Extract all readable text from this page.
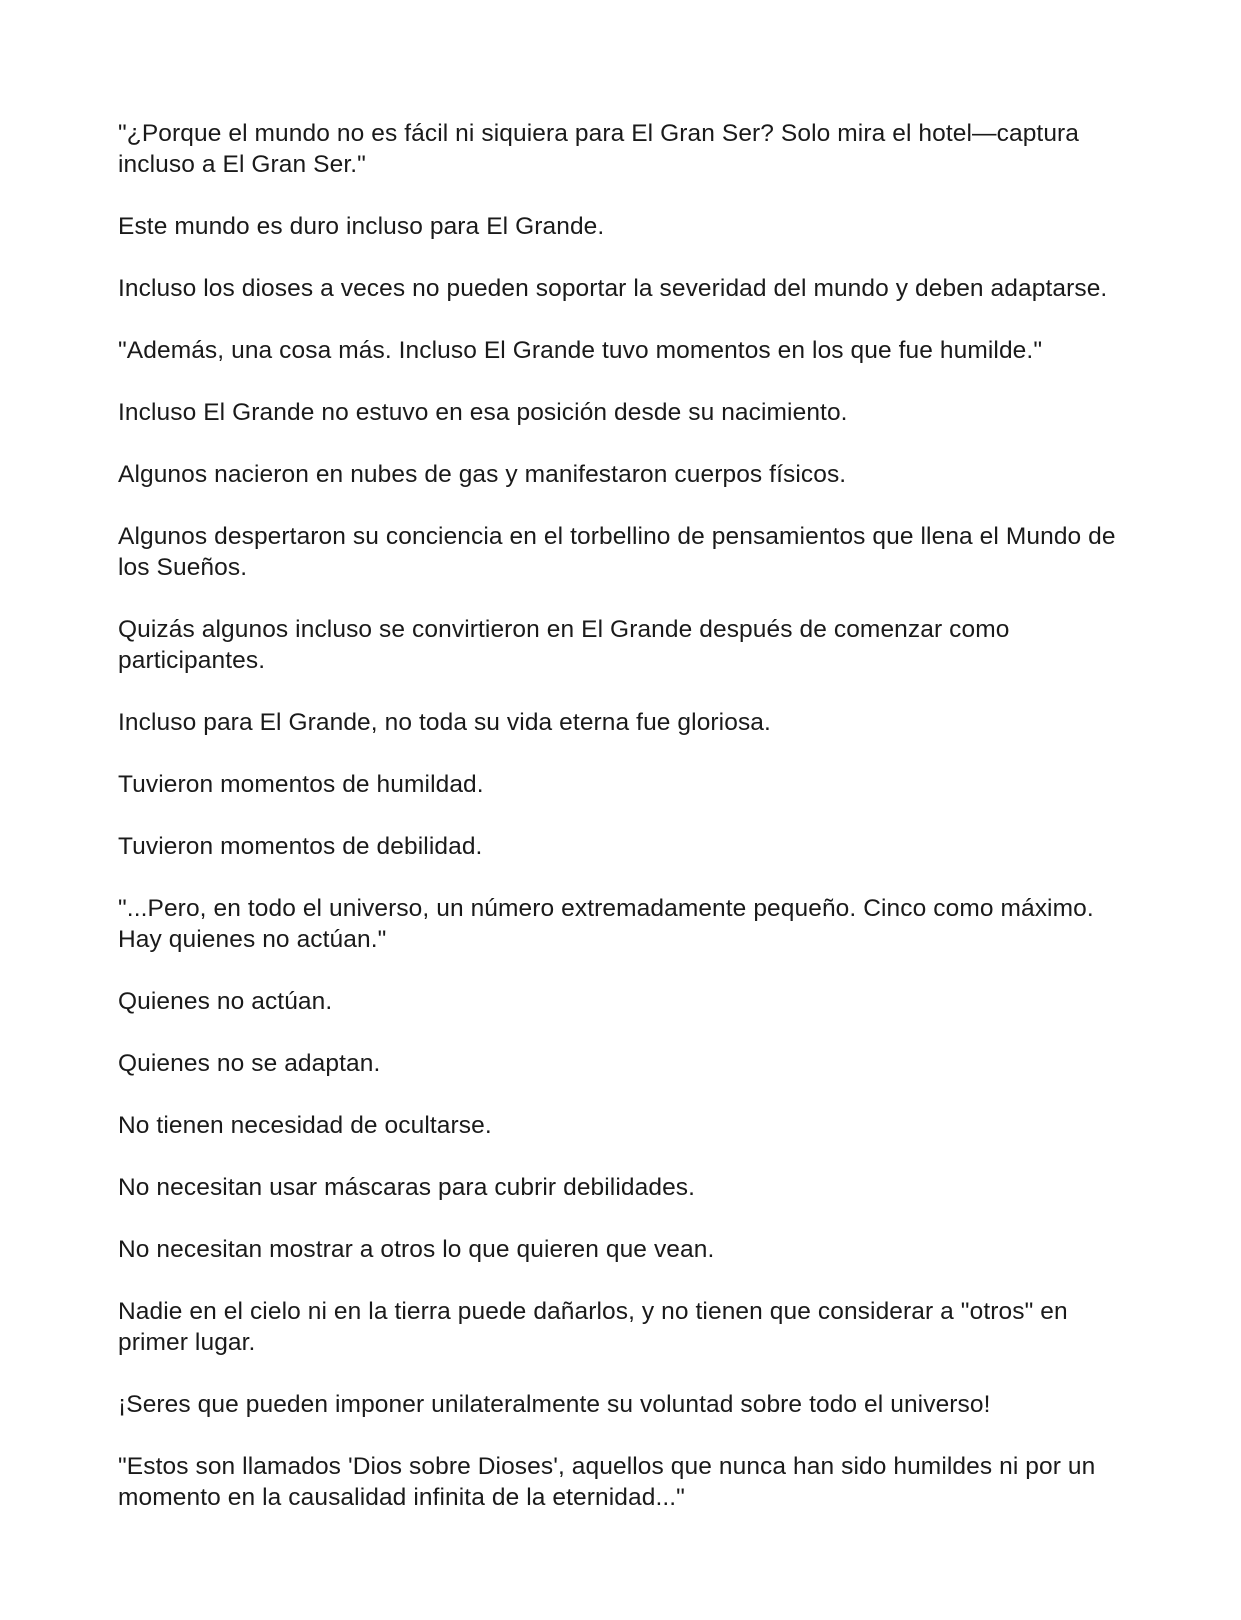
"¿Porque el mundo no es fácil ni siquiera para El Gran Ser? Solo mira el hotel—captura incluso a El Gran Ser."

Este mundo es duro incluso para El Grande.

Incluso los dioses a veces no pueden soportar la severidad del mundo y deben adaptarse.

"Además, una cosa más. Incluso El Grande tuvo momentos en los que fue humilde."

Incluso El Grande no estuvo en esa posición desde su nacimiento.

Algunos nacieron en nubes de gas y manifestaron cuerpos físicos.

Algunos despertaron su conciencia en el torbellino de pensamientos que llena el Mundo de los Sueños.

Quizás algunos incluso se convirtieron en El Grande después de comenzar como participantes.

Incluso para El Grande, no toda su vida eterna fue gloriosa.

Tuvieron momentos de humildad.

Tuvieron momentos de debilidad.

"...Pero, en todo el universo, un número extremadamente pequeño. Cinco como máximo. Hay quienes no actúan."

Quienes no actúan.

Quienes no se adaptan.

No tienen necesidad de ocultarse.

No necesitan usar máscaras para cubrir debilidades.

No necesitan mostrar a otros lo que quieren que vean.

Nadie en el cielo ni en la tierra puede dañarlos, y no tienen que considerar a "otros" en primer lugar.

¡Seres que pueden imponer unilateralmente su voluntad sobre todo el universo!

"Estos son llamados 'Dios sobre Dioses', aquellos que nunca han sido humildes ni por un momento en la causalidad infinita de la eternidad..."
